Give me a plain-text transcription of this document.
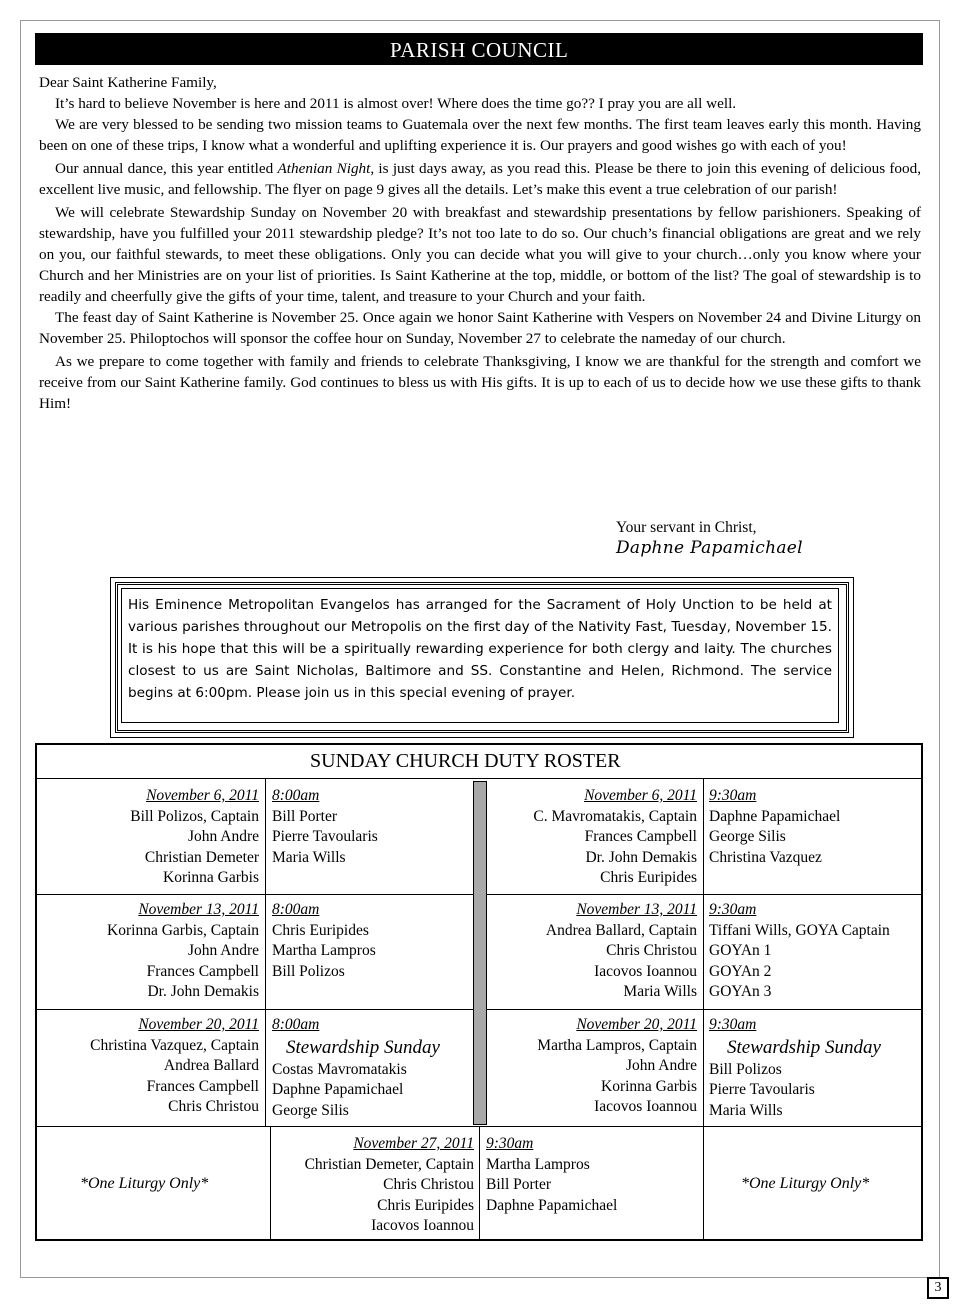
PARISH COUNCIL

Dear Saint Katherine Family,

It’s hard to believe November is here and 2011 is almost over! Where does the time go?? I pray you are all well.

We are very blessed to be sending two mission teams to Guatemala over the next few months. The first team leaves early this month. Having been on one of these trips, I know what a wonderful and uplifting experience it is. Our prayers and good wishes go with each of you!

Our annual dance, this year entitled Athenian Night, is just days away, as you read this. Please be there to join this evening of delicious food, excellent live music, and fellowship. The flyer on page 9 gives all the details. Let’s make this event a true celebration of our parish!

We will celebrate Stewardship Sunday on November 20 with breakfast and stewardship presentations by fellow parishioners. Speaking of stewardship, have you fulfilled your 2011 stewardship pledge? It’s not too late to do so. Our chuch’s financial obligations are great and we rely on you, our faithful stewards, to meet these obligations. Only you can decide what you will give to your church…only you know where your Church and her Ministries are on your list of priorities. Is Saint Katherine at the top, middle, or bottom of the list? The goal of stewardship is to readily and cheerfully give the gifts of your time, talent, and treasure to your Church and your faith.

The feast day of Saint Katherine is November 25. Once again we honor Saint Katherine with Vespers on November 24 and Divine Liturgy on November 25. Philoptochos will sponsor the coffee hour on Sunday, November 27 to celebrate the nameday of our church.

As we prepare to come together with family and friends to celebrate Thanksgiving, I know we are thankful for the strength and comfort we receive from our Saint Katherine family. God continues to bless us with His gifts. It is up to each of us to decide how we use these gifts to thank Him!

Your servant in Christ,
Daphne Papamichael
His Eminence Metropolitan Evangelos has arranged for the Sacrament of Holy Unction to be held at various parishes throughout our Metropolis on the first day of the Nativity Fast, Tuesday, November 15. It is his hope that this will be a spiritually rewarding experience for both clergy and laity. The churches closest to us are Saint Nicholas, Baltimore and SS. Constantine and Helen, Richmond. The service begins at 6:00pm. Please join us in this special evening of prayer.
SUNDAY CHURCH DUTY ROSTER
November 6, 2011
Bill Polizos, Captain
John Andre
Christian Demeter
Korinna Garbis
8:00am
Bill Porter
Pierre Tavoularis
Maria Wills
November 6, 2011
C. Mavromatakis, Captain
Frances Campbell
Dr. John Demakis
Chris Euripides
9:30am
Daphne Papamichael
George Silis
Christina Vazquez
November 13, 2011
Korinna Garbis, Captain
John Andre
Frances Campbell
Dr. John Demakis
8:00am
Chris Euripides
Martha Lampros
Bill Polizos
November 13, 2011
Andrea Ballard, Captain
Chris Christou
Iacovos Ioannou
Maria Wills
9:30am
Tiffani Wills, GOYA Captain
GOYAn 1
GOYAn 2
GOYAn 3
November 20, 2011
Christina Vazquez, Captain
Andrea Ballard
Frances Campbell
Chris Christou
8:00am
Stewardship Sunday
Costas Mavromatakis
Daphne Papamichael
George Silis
November 20, 2011
Martha Lampros, Captain
John Andre
Korinna Garbis
Iacovos Ioannou
9:30am
Stewardship Sunday
Bill Polizos
Pierre Tavoularis
Maria Wills
*One Liturgy Only*
November 27, 2011
Christian Demeter, Captain
Chris Christou
Chris Euripides
Iacovos Ioannou
9:30am
Martha Lampros
Bill Porter
Daphne Papamichael
*One Liturgy Only*
3
